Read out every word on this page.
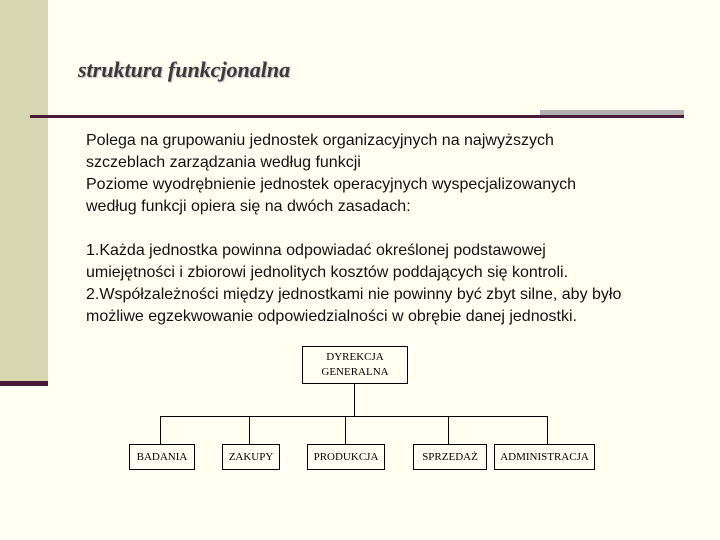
struktura funkcjonalna

Polega na grupowaniu jednostek organizacyjnych na najwyższych

szczeblach zarządzania według funkcji

Poziome wyodrębnienie jednostek operacyjnych wyspecjalizowanych

według funkcji opiera się na dwóch zasadach:

1.Każda jednostka powinna odpowiadać określonej podstawowej

umiejętności i zbiorowi jednolitych kosztów poddających się kontroli.

2.Współzależności między jednostkami nie powinny być zbyt silne, aby było

możliwe egzekwowanie odpowiedzialności w obrębie danej jednostki.

DYREKCJA
GENERALNA
BADANIA	ZAKUPY	PRODUKCJA	SPRZEDAŻ ADMINISTRACJA
